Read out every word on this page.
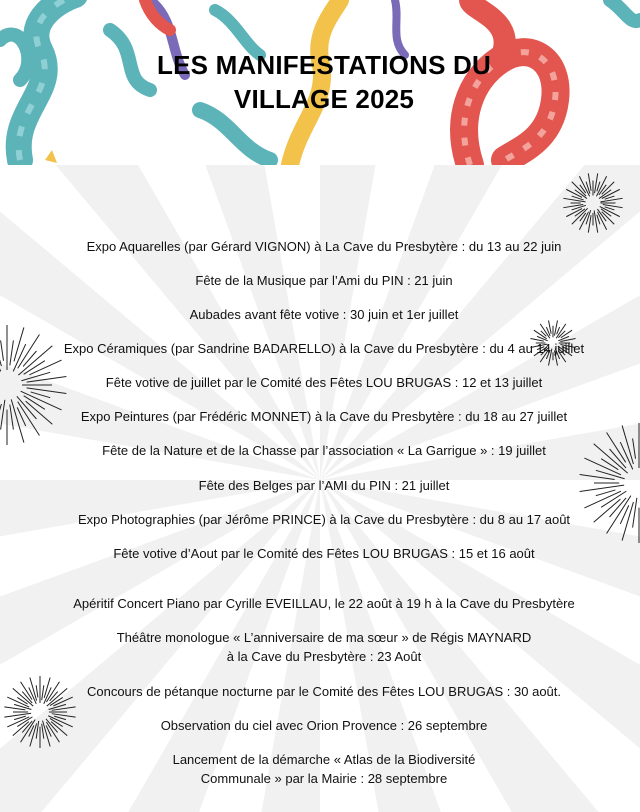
LES MANIFESTATIONS DU
VILLAGE 2025

Expo Aquarelles (par Gérard VIGNON) à La Cave du Presbytère : du 13 au 22 juin

Fête de la Musique par l’Ami du PIN : 21 juin

Aubades avant fête votive : 30 juin et 1er juillet

Expo Céramiques (par Sandrine BADARELLO) à la Cave du Presbytère : du 4 au 14 juillet

Fête votive de juillet par le Comité des Fêtes LOU BRUGAS : 12 et 13 juillet

Expo Peintures (par Frédéric MONNET) à la Cave du Presbytère : du 18 au 27 juillet

Fête de la Nature et de la Chasse par l’association « La Garrigue » : 19 juillet

Fête des Belges par l’AMI du PIN : 21 juillet

Expo Photographies (par Jérôme PRINCE) à la Cave du Presbytère : du 8 au 17 août

Fête votive d’Aout par le Comité des Fêtes LOU BRUGAS : 15 et 16 août

Apéritif Concert Piano par Cyrille EVEILLAU, le 22 août à 19 h à la Cave du Presbytère

Théâtre monologue « L’anniversaire de ma sœur » de Régis MAYNARD
à la Cave du Presbytère : 23 Août

Concours de pétanque nocturne par le Comité des Fêtes LOU BRUGAS : 30 août.

Observation du ciel avec Orion Provence : 26 septembre

Lancement de la démarche « Atlas de la Biodiversité
Communale » par la Mairie : 28 septembre
